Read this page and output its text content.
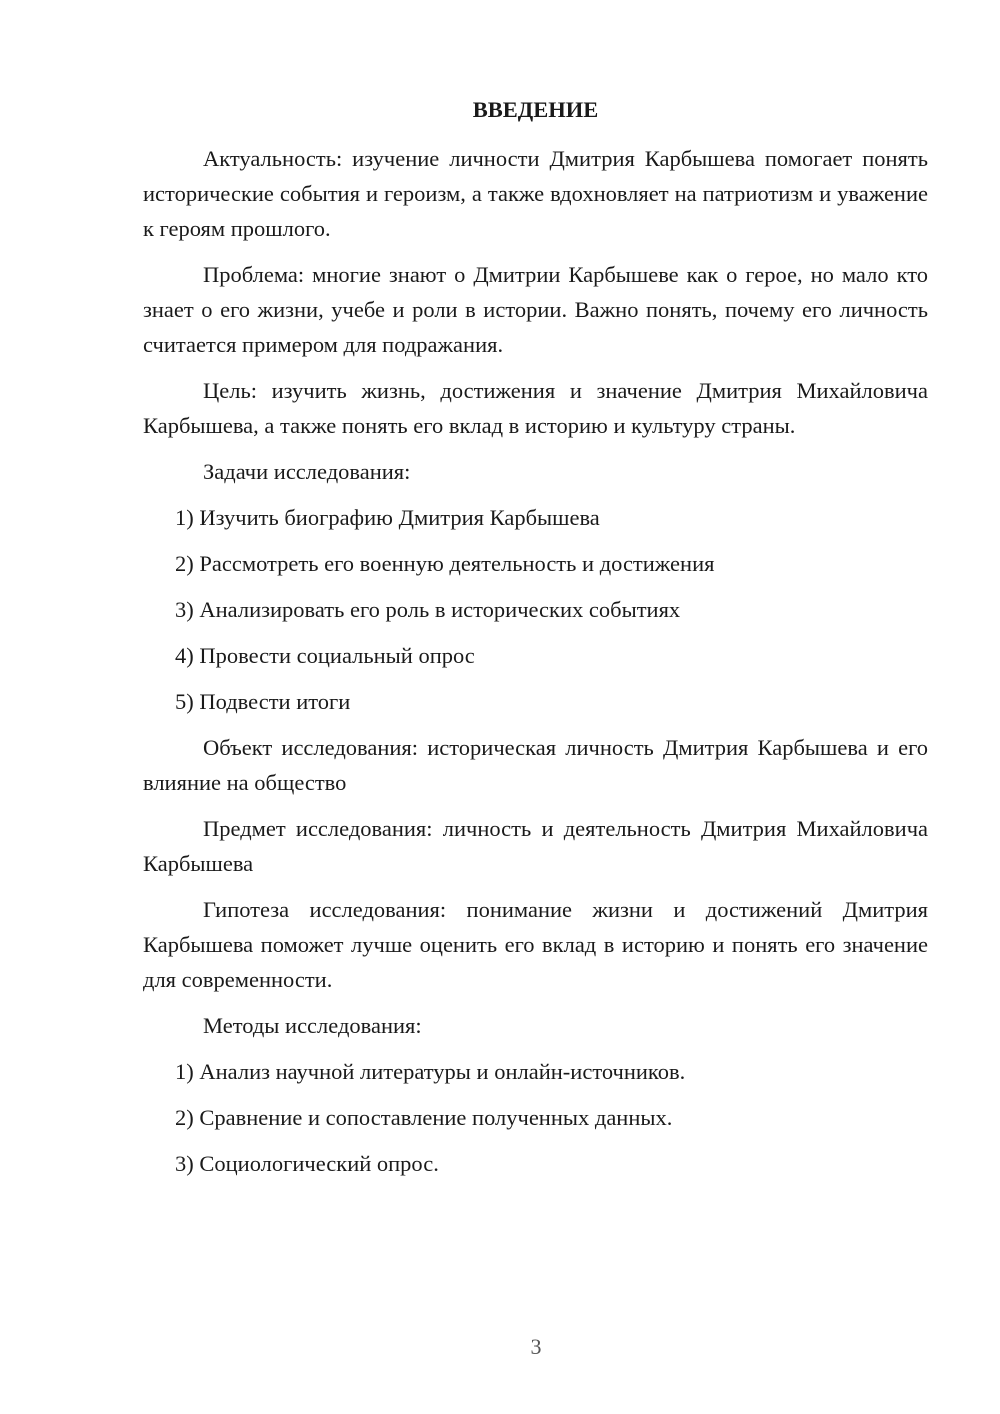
ВВЕДЕНИЕ
Актуальность: изучение личности Дмитрия Карбышева помогает понять исторические события и героизм, а также вдохновляет на патриотизм и уважение к героям прошлого.
Проблема: многие знают о Дмитрии Карбышеве как о герое, но мало кто знает о его жизни, учебе и роли в истории. Важно понять, почему его личность считается примером для подражания.
Цель: изучить жизнь, достижения и значение Дмитрия Михайловича Карбышева, а также понять его вклад в историю и культуру страны.
Задачи исследования:
1) Изучить биографию Дмитрия Карбышева
2) Рассмотреть его военную деятельность и достижения
3) Анализировать его роль в исторических событиях
4) Провести социальный опрос
5) Подвести итоги
Объект исследования: историческая личность Дмитрия Карбышева и его влияние на общество
Предмет исследования: личность и деятельность Дмитрия Михайловича Карбышева
Гипотеза исследования: понимание жизни и достижений Дмитрия Карбышева поможет лучше оценить его вклад в историю и понять его значение для современности.
Методы исследования:
1) Анализ научной литературы и онлайн-источников.
2) Сравнение и сопоставление полученных данных.
3) Социологический опрос.
3
